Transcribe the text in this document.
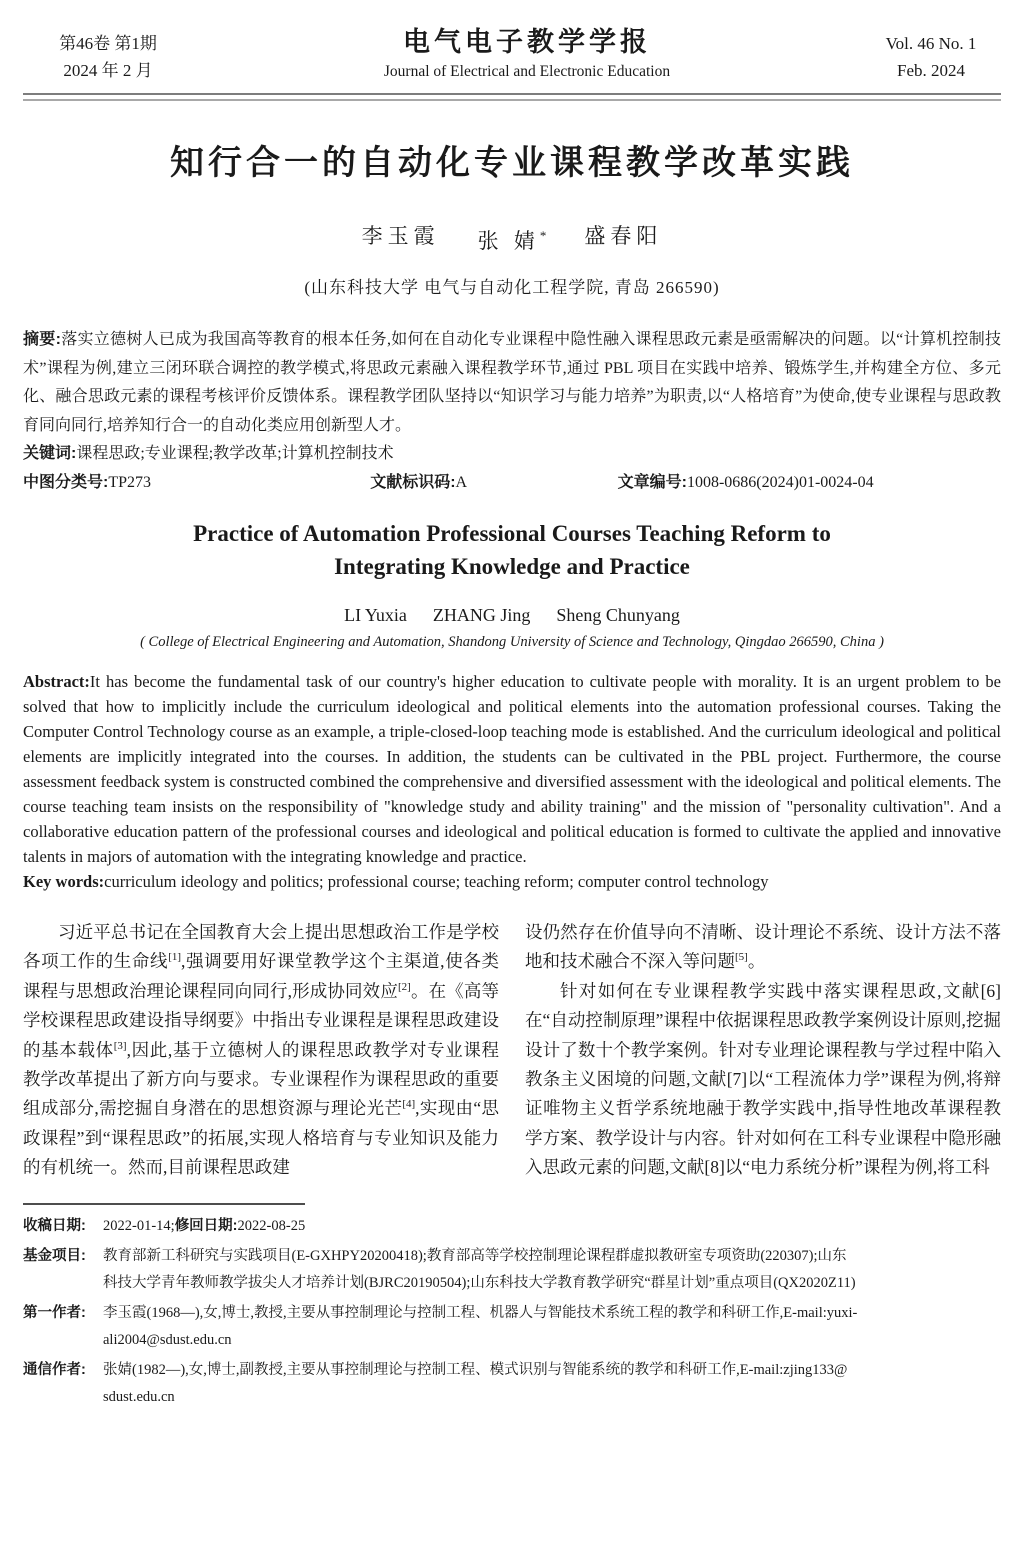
第46卷 第1期
2024 年 2 月
电气电子教学学报
Journal of Electrical and Electronic Education
Vol. 46 No. 1
Feb. 2024
知行合一的自动化专业课程教学改革实践
李玉霞 张 婧* 盛春阳
(山东科技大学 电气与自动化工程学院, 青岛 266590)

摘要:落实立德树人已成为我国高等教育的根本任务,如何在自动化专业课程中隐性融入课程思政元素是亟需解决的问题。以“计算机控制技术”课程为例,建立三闭环联合调控的教学模式,将思政元素融入课程教学环节,通过 PBL 项目在实践中培养、锻炼学生,并构建全方位、多元化、融合思政元素的课程考核评价反馈体系。课程教学团队坚持以“知识学习与能力培养”为职责,以“人格培育”为使命,使专业课程与思政教育同向同行,培养知行合一的自动化类应用创新型人才。

关键词:课程思政;专业课程;教学改革;计算机控制技术

中图分类号:TP273	文献标识码:A	文章编号:1008-0686(2024)01-0024-04
Practice of Automation Professional Courses Teaching Reform to
Integrating Knowledge and Practice
LI Yuxia ZHANG Jing Sheng Chunyang
( College of Electrical Engineering and Automation, Shandong University of Science and Technology, Qingdao 266590, China )

Abstract:It has become the fundamental task of our country's higher education to cultivate people with morality. It is an urgent problem to be solved that how to implicitly include the curriculum ideological and political elements into the automation professional courses. Taking the Computer Control Technology course as an example, a triple-closed-loop teaching mode is established. And the curriculum ideological and political elements are implicitly integrated into the courses. In addition, the students can be cultivated in the PBL project. Furthermore, the course assessment feedback system is constructed combined the comprehensive and diversified assessment with the ideological and political elements. The course teaching team insists on the responsibility of "knowledge study and ability training" and the mission of "personality cultivation". And a collaborative education pattern of the professional courses and ideological and political education is formed to cultivate the applied and innovative talents in majors of automation with the integrating knowledge and practice.

Key words:curriculum ideology and politics; professional course; teaching reform; computer control technology

习近平总书记在全国教育大会上提出思想政治工作是学校各项工作的生命线[1],强调要用好课堂教学这个主渠道,使各类课程与思想政治理论课程同向同行,形成协同效应[2]。在《高等学校课程思政建设指导纲要》中指出专业课程是课程思政建设的基本载体[3],因此,基于立德树人的课程思政教学对专业课程教学改革提出了新方向与要求。专业课程作为课程思政的重要组成部分,需挖掘自身潜在的思想资源与理论光芒[4],实现由“思政课程”到“课程思政”的拓展,实现人格培育与专业知识及能力的有机统一。然而,目前课程思政建

设仍然存在价值导向不清晰、设计理论不系统、设计方法不落地和技术融合不深入等问题[5]。

针对如何在专业课程教学实践中落实课程思政,文献[6]在“自动控制原理”课程中依据课程思政教学案例设计原则,挖掘设计了数十个教学案例。针对专业理论课程教与学过程中陷入教条主义困境的问题,文献[7]以“工程流体力学”课程为例,将辩证唯物主义哲学系统地融于教学实践中,指导性地改革课程教学方案、教学设计与内容。针对如何在工科专业课程中隐形融入思政元素的问题,文献[8]以“电力系统分析”课程为例,将工科

收稿日期:	2022-01-14;修回日期:2022-08-25
基金项目:	教育部新工科研究与实践项目(E-GXHPY20200418);教育部高等学校控制理论课程群虚拟教研室专项资助(220307);山东
科技大学青年教师教学拔尖人才培养计划(BJRC20190504);山东科技大学教育教学研究“群星计划”重点项目(QX2020Z11)
第一作者:	李玉霞(1968—),女,博士,教授,主要从事控制理论与控制工程、机器人与智能技术系统工程的教学和科研工作,E-mail:yuxi-
ali2004@sdust.edu.cn
通信作者:	张婧(1982—),女,博士,副教授,主要从事控制理论与控制工程、模式识别与智能系统的教学和科研工作,E-mail:zjing133@
sdust.edu.cn
